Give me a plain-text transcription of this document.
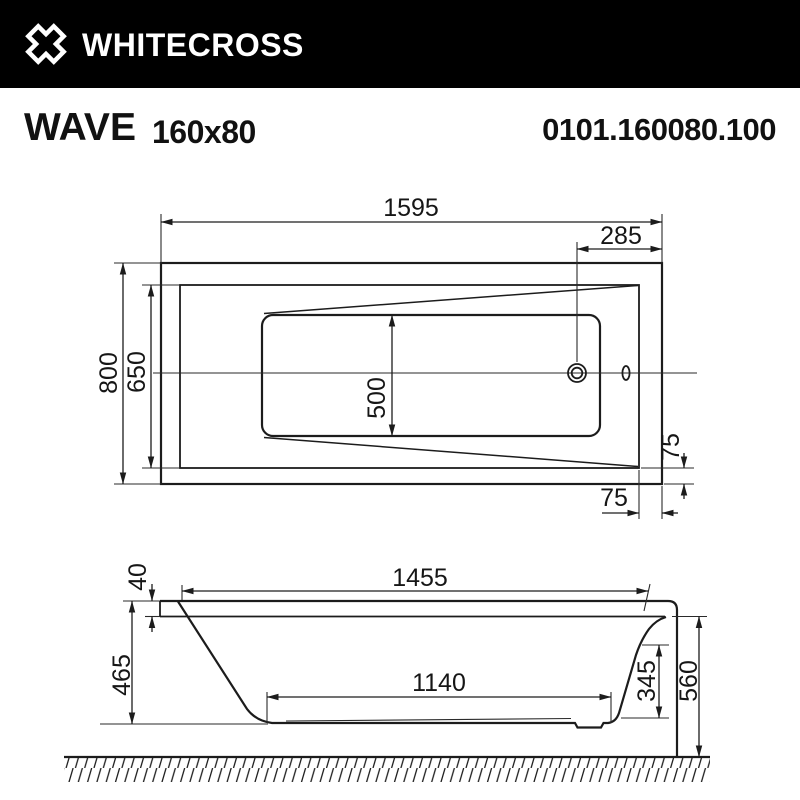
WHITECROSS
WAVE 160x80	0101.160080.100
1595
285
800 650
500
75
75
1455
40
465	1140	345 560
